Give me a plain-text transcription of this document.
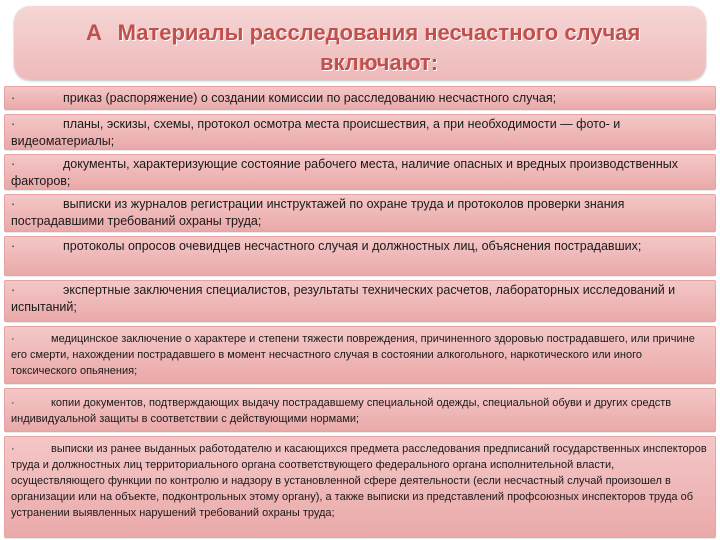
А Материалы расследования несчастного случая
включают:
·	приказ (распоряжение) о создании комиссии по расследованию несчастного случая;
·	планы, эскизы, схемы, протокол осмотра места происшествия, а при необходимости — фото- и видеоматериалы;
·	документы, характеризующие состояние рабочего места, наличие опасных и вредных производственных факторов;
·	выписки из журналов регистрации инструктажей по охране труда и протоколов проверки знания пострадавшими требований охраны труда;
·	протоколы опросов очевидцев несчастного случая и должностных лиц, объяснения пострадавших;
·	экспертные заключения специалистов, результаты технических расчетов, лабораторных исследований и испытаний;
·	медицинское заключение о характере и степени тяжести повреждения, причиненного здоровью пострадавшего, или причине его смерти, нахождении пострадавшего в момент несчастного случая в состоянии алкогольного, наркотического или иного токсического опьянения;
·	копии документов, подтверждающих выдачу пострадавшему специальной одежды, специальной обуви и других средств индивидуальной защиты в соответствии с действующими нормами;
·	выписки из ранее выданных работодателю и касающихся предмета расследования предписаний государственных инспекторов труда и должностных лиц территориального органа соответствующего федерального органа исполнительной власти, осуществляющего функции по контролю и надзору в установленной сфере деятельности (если несчастный случай произошел в организации или на объекте, подконтрольных этому органу), а также выписки из представлений профсоюзных инспекторов труда об устранении выявленных нарушений требований охраны труда;
